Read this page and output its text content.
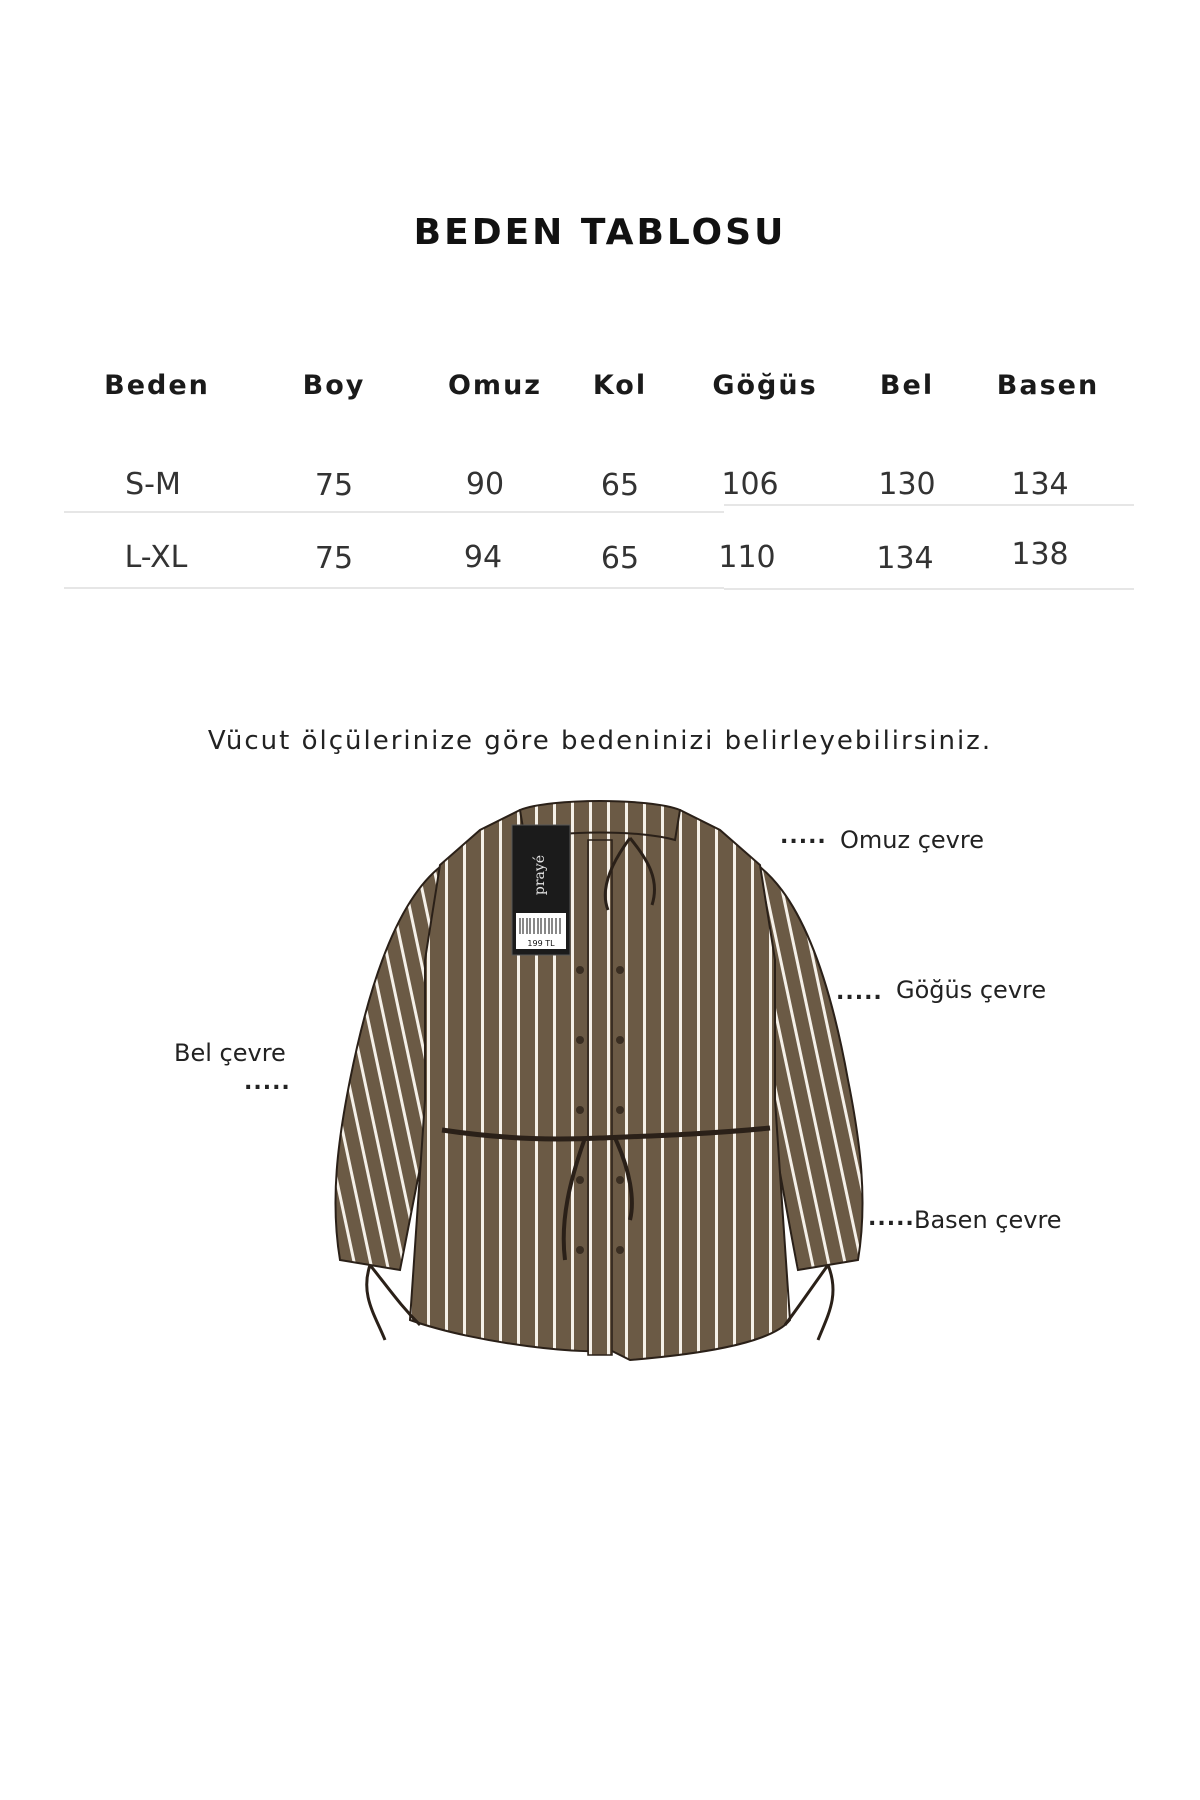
BEDEN TABLOSU
Beden	Boy	Omuz	Kol	Göğüs	Bel	Basen
S-M	75	90	65	106	130	134
L-XL	75	94	65	110	134	138
Vücut ölçülerinize göre bedeninizi belirleyebilirsiniz.
..... Omuz çevre
..... Göğüs çevre
Bel çevre
.....
..... Basen çevre
prayé
199 TL
